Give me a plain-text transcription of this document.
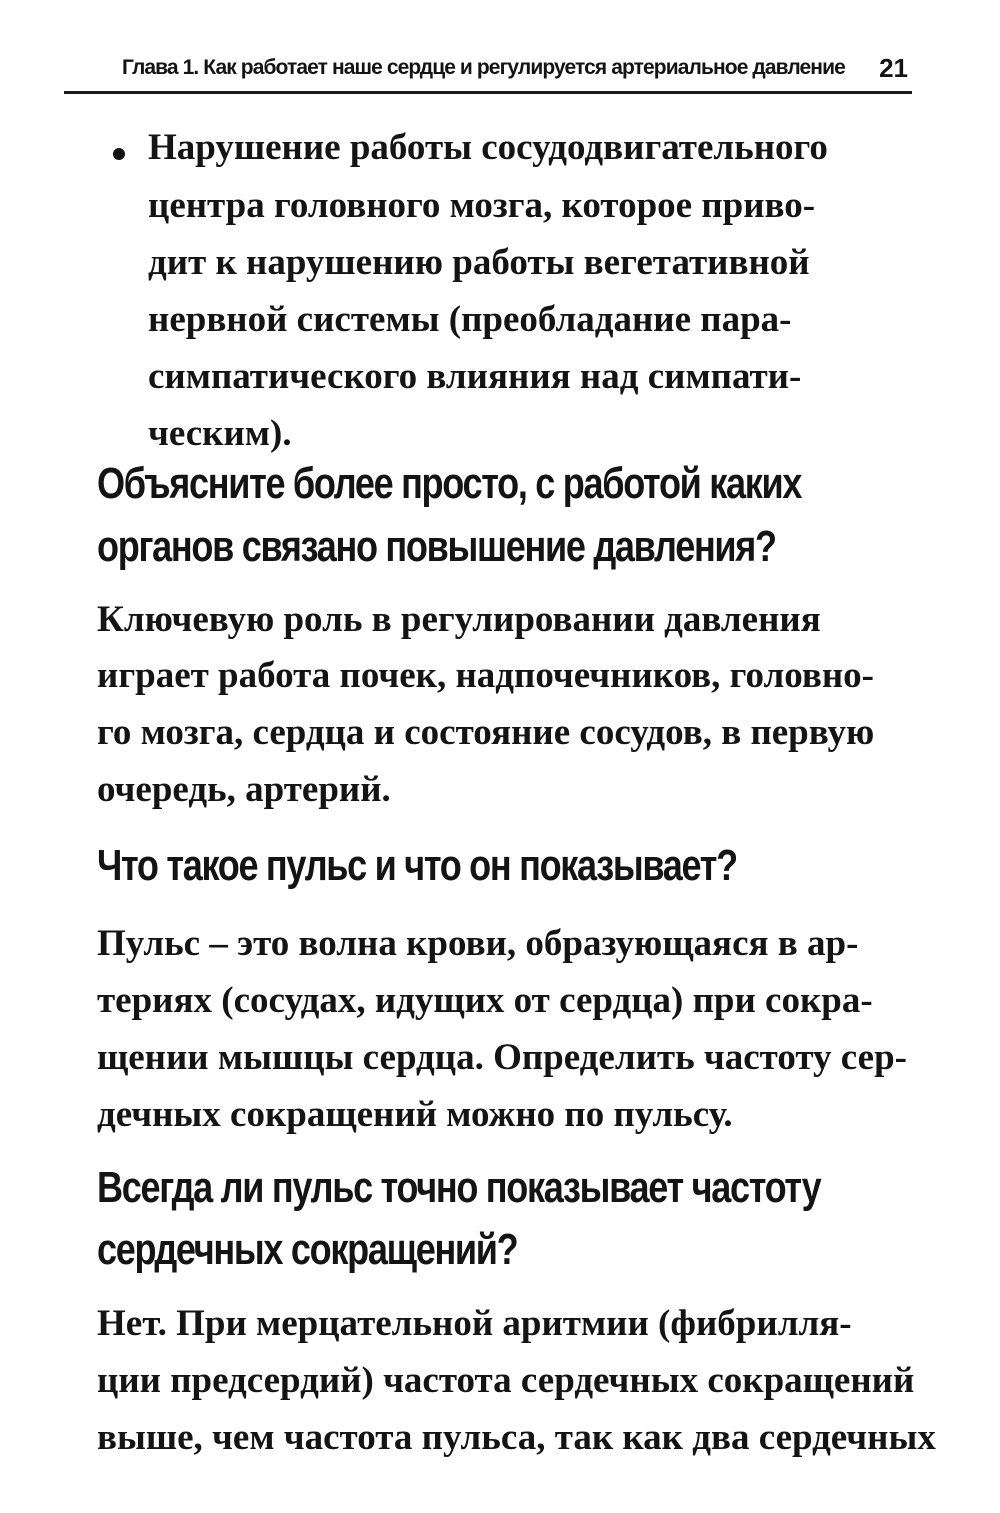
Глава 1. Как работает наше сердце и регулируется артериальное давление 21
Нарушение работы сосудодвигательного
центра головного мозга, которое приво-
дит к нарушению работы вегетативной
нервной системы (преобладание пара-
симпатического влияния над симпати-
ческим).
Объясните более просто, с работой каких
органов связано повышение давления?
Ключевую роль в регулировании давления
играет работа почек, надпочечников, головно-
го мозга, сердца и состояние сосудов, в первую
очередь, артерий.
Что такое пульс и что он показывает?
Пульс – это волна крови, образующаяся в ар-
териях (сосудах, идущих от сердца) при сокра-
щении мышцы сердца. Определить частоту сер-
дечных сокращений можно по пульсу.
Всегда ли пульс точно показывает частоту
сердечных сокращений?
Нет. При мерцательной аритмии (фибрилля-
ции предсердий) частота сердечных сокращений
выше, чем частота пульса, так как два сердечных
